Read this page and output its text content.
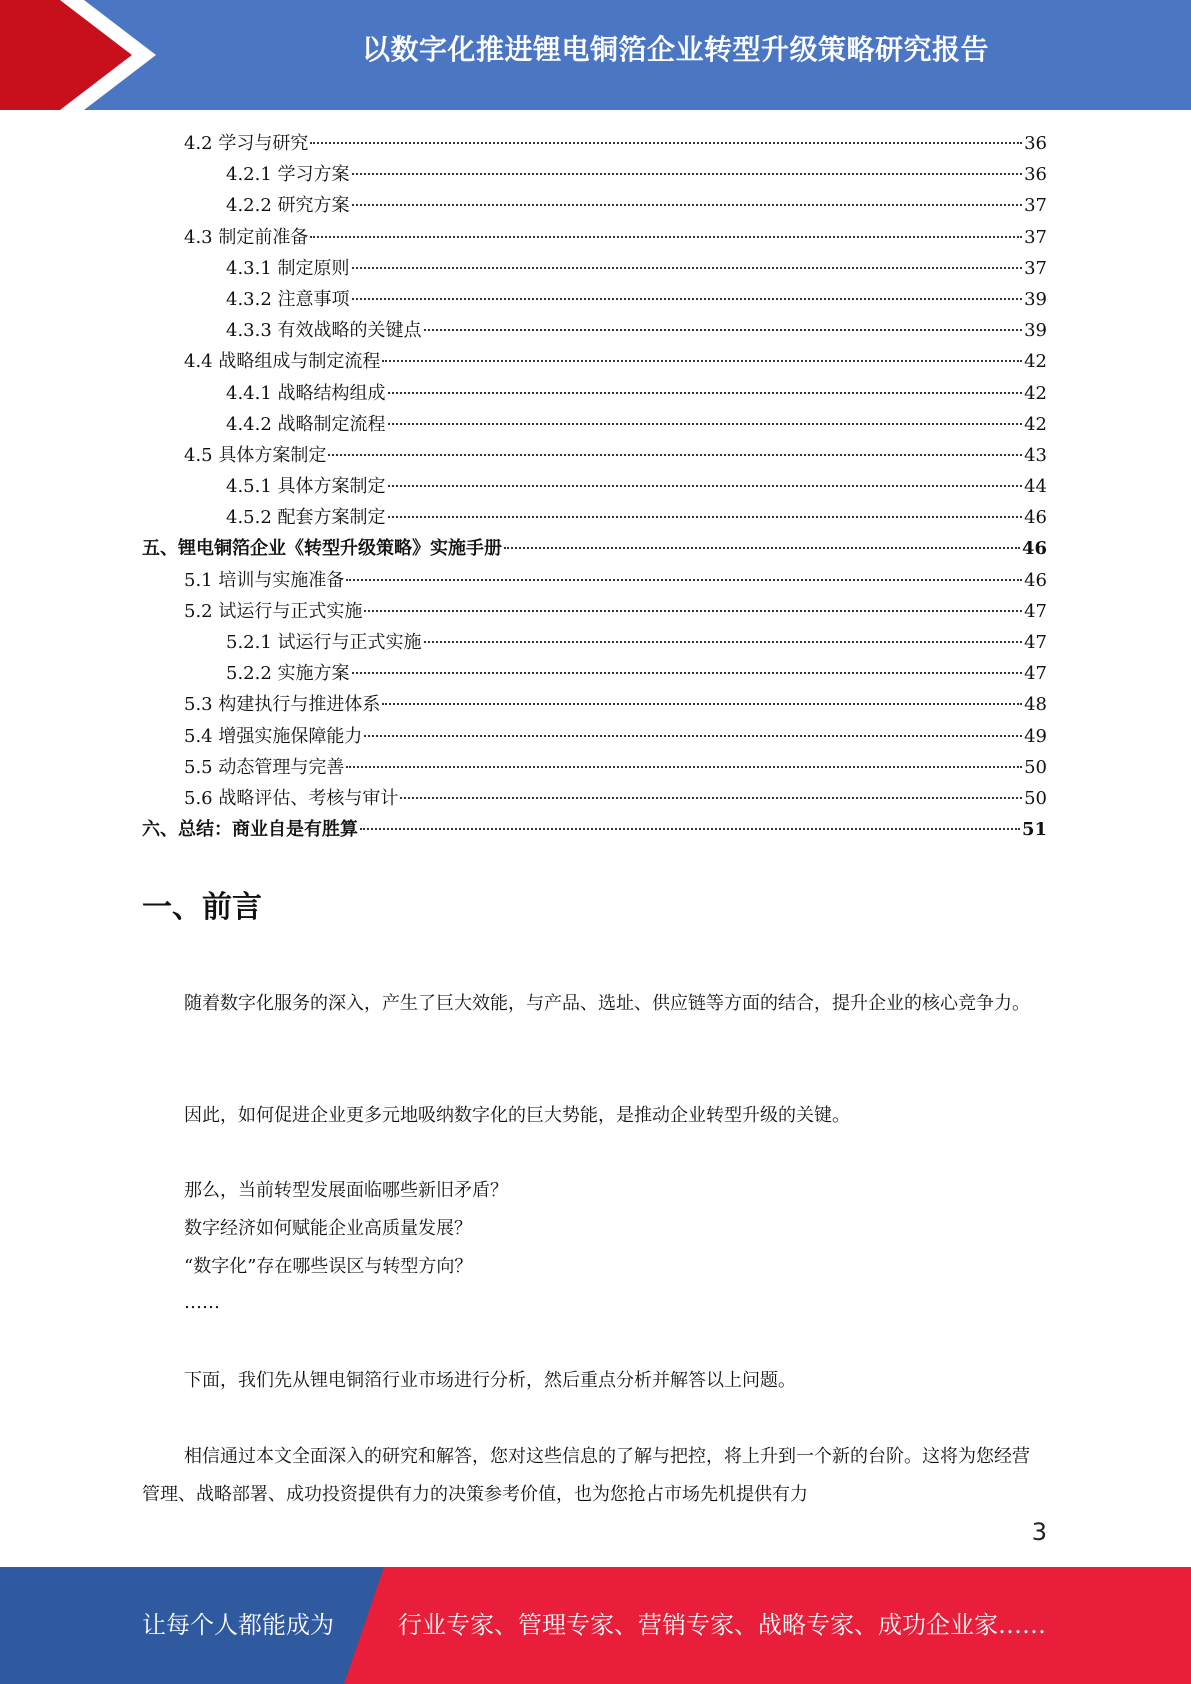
以数字化推进锂电铜箔企业转型升级策略研究报告
4.2 学习与研究	36
4.2.1 学习方案	36
4.2.2 研究方案	37
4.3 制定前准备	37
4.3.1 制定原则	37
4.3.2 注意事项	39
4.3.3 有效战略的关键点	39
4.4 战略组成与制定流程	42
4.4.1 战略结构组成	42
4.4.2 战略制定流程	42
4.5 具体方案制定	43
4.5.1 具体方案制定	44
4.5.2 配套方案制定	46
五、锂电铜箔企业《转型升级策略》实施手册	46
5.1 培训与实施准备	46
5.2 试运行与正式实施	47
5.2.1 试运行与正式实施	47
5.2.2 实施方案	47
5.3 构建执行与推进体系	48
5.4 增强实施保障能力	49
5.5 动态管理与完善	50
5.6 战略评估、考核与审计	50
六、总结：商业自是有胜算	51
一、前言

随着数字化服务的深入，产生了巨大效能，与产品、选址、供应链等方面的结合，提升企业的核心竞争力。

因此，如何促进企业更多元地吸纳数字化的巨大势能，是推动企业转型升级的关键。

那么，当前转型发展面临哪些新旧矛盾？

数字经济如何赋能企业高质量发展？

“数字化”存在哪些误区与转型方向？

……

下面，我们先从锂电铜箔行业市场进行分析，然后重点分析并解答以上问题。

相信通过本文全面深入的研究和解答，您对这些信息的了解与把控，将上升到一个新的台阶。这将为您经营管理、战略部署、成功投资提供有力的决策参考价值，也为您抢占市场先机提供有力

3
让每个人都能成为	行业专家、管理专家、营销专家、战略专家、成功企业家……
